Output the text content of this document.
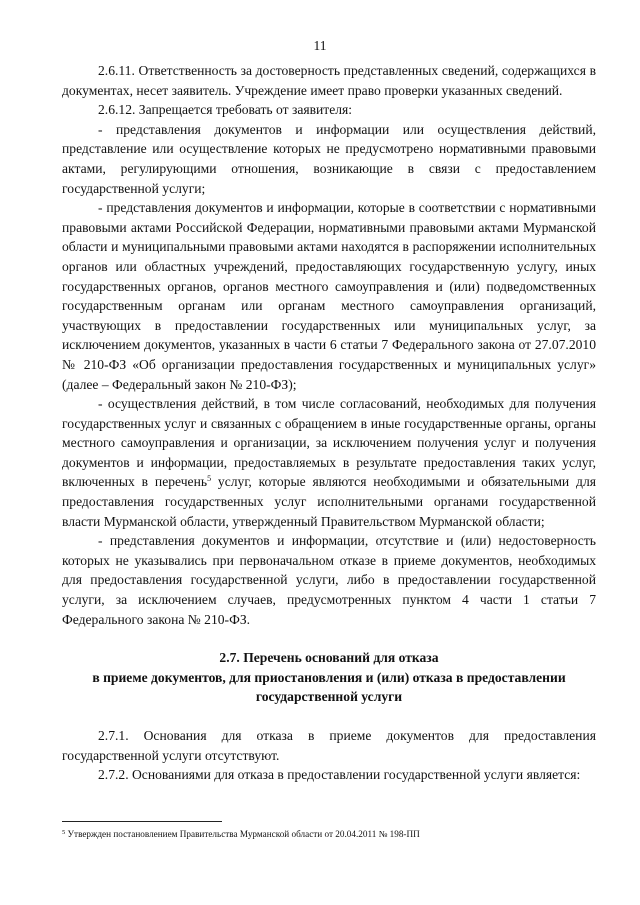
11

2.6.11. Ответственность за достоверность представленных сведений, содержащихся в документах, несет заявитель. Учреждение имеет право проверки указанных сведений.

2.6.12. Запрещается требовать от заявителя:

- представления документов и информации или осуществления действий, представление или осуществление которых не предусмотрено нормативными правовыми актами, регулирующими отношения, возникающие в связи с предоставлением государственной услуги;

- представления документов и информации, которые в соответствии с нормативными правовыми актами Российской Федерации, нормативными правовыми актами Мурманской области и муниципальными правовыми актами находятся в распоряжении исполнительных органов или областных учреждений, предоставляющих государственную услугу, иных государственных органов, органов местного самоуправления и (или) подведомственных государственным органам или органам местного самоуправления организаций, участвующих в предоставлении государственных или муниципальных услуг, за исключением документов, указанных в части 6 статьи 7 Федерального закона от 27.07.2010 № 210-ФЗ «Об организации предоставления государственных и муниципальных услуг» (далее – Федеральный закон № 210-ФЗ);

- осуществления действий, в том числе согласований, необходимых для получения государственных услуг и связанных с обращением в иные государственные органы, органы местного самоуправления и организации, за исключением получения услуг и получения документов и информации, предоставляемых в результате предоставления таких услуг, включенных в перечень$^5$ услуг, которые являются необходимыми и обязательными для предоставления государственных услуг исполнительными органами государственной власти Мурманской области, утвержденный Правительством Мурманской области;

- представления документов и информации, отсутствие и (или) недостоверность которых не указывались при первоначальном отказе в приеме документов, необходимых для предоставления государственной услуги, либо в предоставлении государственной услуги, за исключением случаев, предусмотренных пунктом 4 части 1 статьи 7 Федерального закона № 210-ФЗ.

2.7. Перечень оснований для отказа

в приеме документов, для приостановления и (или) отказа в предоставлении государственной услуги

2.7.1. Основания для отказа в приеме документов для предоставления государственной услуги отсутствуют.

2.7.2. Основаниями для отказа в предоставлении государственной услуги является:

$^5$ Утвержден постановлением Правительства Мурманской области от 20.04.2011 № 198-ПП
